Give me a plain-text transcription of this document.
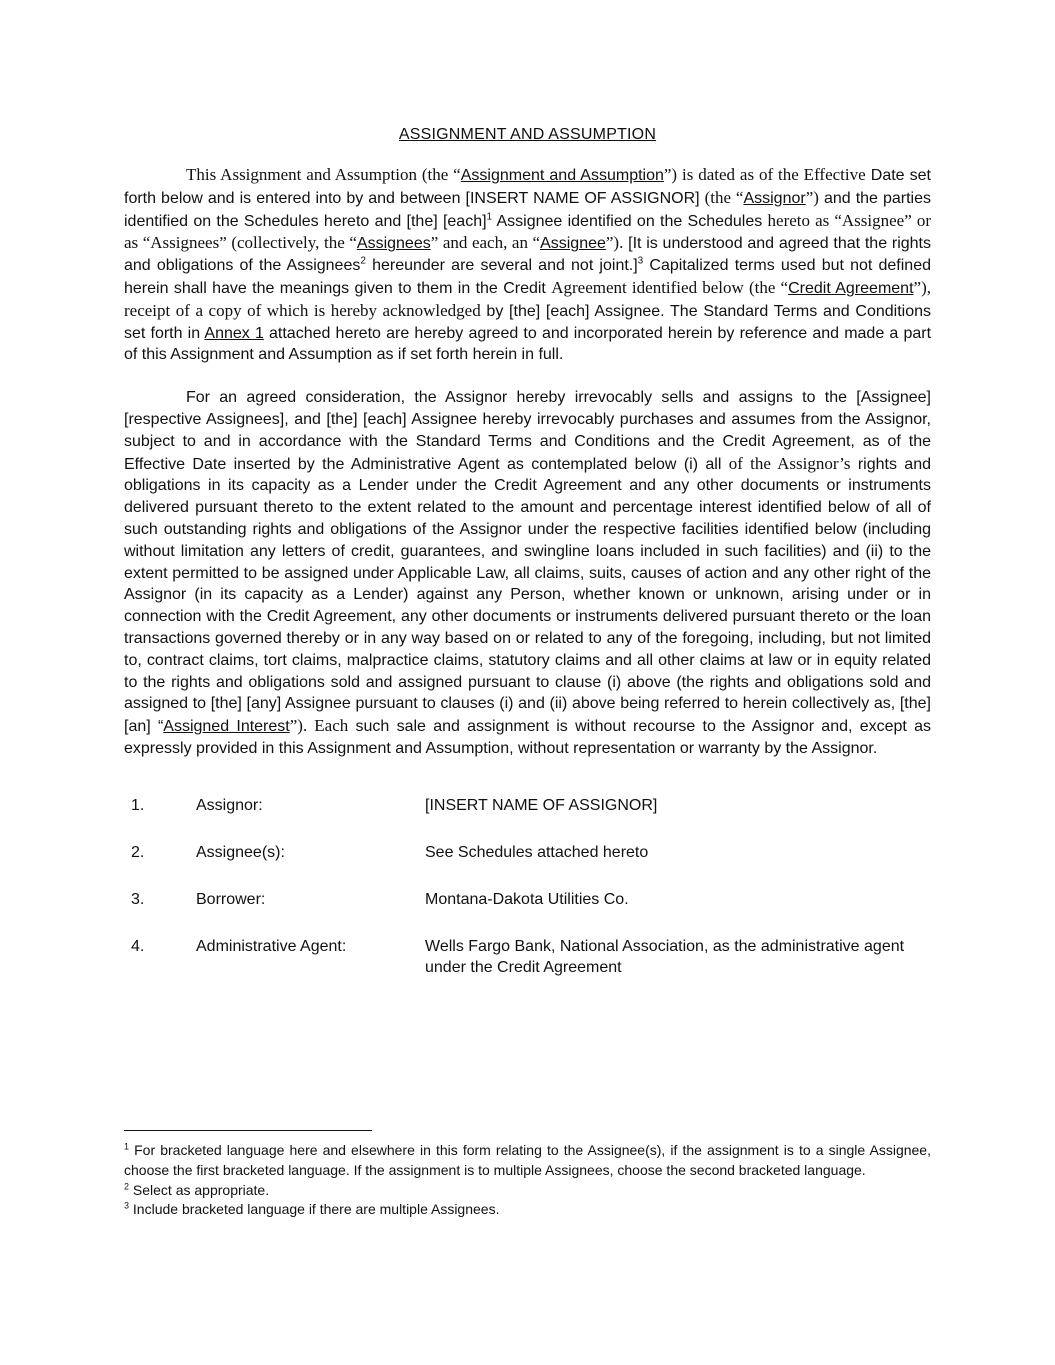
ASSIGNMENT AND ASSUMPTION

This Assignment and Assumption (the “Assignment and Assumption”) is dated as of the Effective Date set forth below and is entered into by and between [INSERT NAME OF ASSIGNOR] (the “Assignor”) and the parties identified on the Schedules hereto and [the] [each]$^1$ Assignee identified on the Schedules hereto as “Assignee” or as “Assignees” (collectively, the “Assignees” and each, an “Assignee”). [It is understood and agreed that the rights and obligations of the Assignees$^2$ hereunder are several and not joint.]$^3$ Capitalized terms used but not defined herein shall have the meanings given to them in the Credit Agreement identified below (the “Credit Agreement”), receipt of a copy of which is hereby acknowledged by [the] [each] Assignee. The Standard Terms and Conditions set forth in Annex 1 attached hereto are hereby agreed to and incorporated herein by reference and made a part of this Assignment and Assumption as if set forth herein in full.

For an agreed consideration, the Assignor hereby irrevocably sells and assigns to the [Assignee] [respective Assignees], and [the] [each] Assignee hereby irrevocably purchases and assumes from the Assignor, subject to and in accordance with the Standard Terms and Conditions and the Credit Agreement, as of the Effective Date inserted by the Administrative Agent as contemplated below (i) all of the Assignor’s rights and obligations in its capacity as a Lender under the Credit Agreement and any other documents or instruments delivered pursuant thereto to the extent related to the amount and percentage interest identified below of all of such outstanding rights and obligations of the Assignor under the respective facilities identified below (including without limitation any letters of credit, guarantees, and swingline loans included in such facilities) and (ii) to the extent permitted to be assigned under Applicable Law, all claims, suits, causes of action and any other right of the Assignor (in its capacity as a Lender) against any Person, whether known or unknown, arising under or in connection with the Credit Agreement, any other documents or instruments delivered pursuant thereto or the loan transactions governed thereby or in any way based on or related to any of the foregoing, including, but not limited to, contract claims, tort claims, malpractice claims, statutory claims and all other claims at law or in equity related to the rights and obligations sold and assigned pursuant to clause (i) above (the rights and obligations sold and assigned to [the] [any] Assignee pursuant to clauses (i) and (ii) above being referred to herein collectively as, [the] [an] “Assigned Interest”). Each such sale and assignment is without recourse to the Assignor and, except as expressly provided in this Assignment and Assumption, without representation or warranty by the Assignor.

1.	Assignor:	[INSERT NAME OF ASSIGNOR]
2.	Assignee(s):	See Schedules attached hereto
3.	Borrower:	Montana-Dakota Utilities Co.
4.	Administrative Agent:	Wells Fargo Bank, National Association, as the administrative agent under the Credit Agreement

$^1$ For bracketed language here and elsewhere in this form relating to the Assignee(s), if the assignment is to a single Assignee, choose the first bracketed language. If the assignment is to multiple Assignees, choose the second bracketed language.

$^2$ Select as appropriate.

$^3$ Include bracketed language if there are multiple Assignees.
